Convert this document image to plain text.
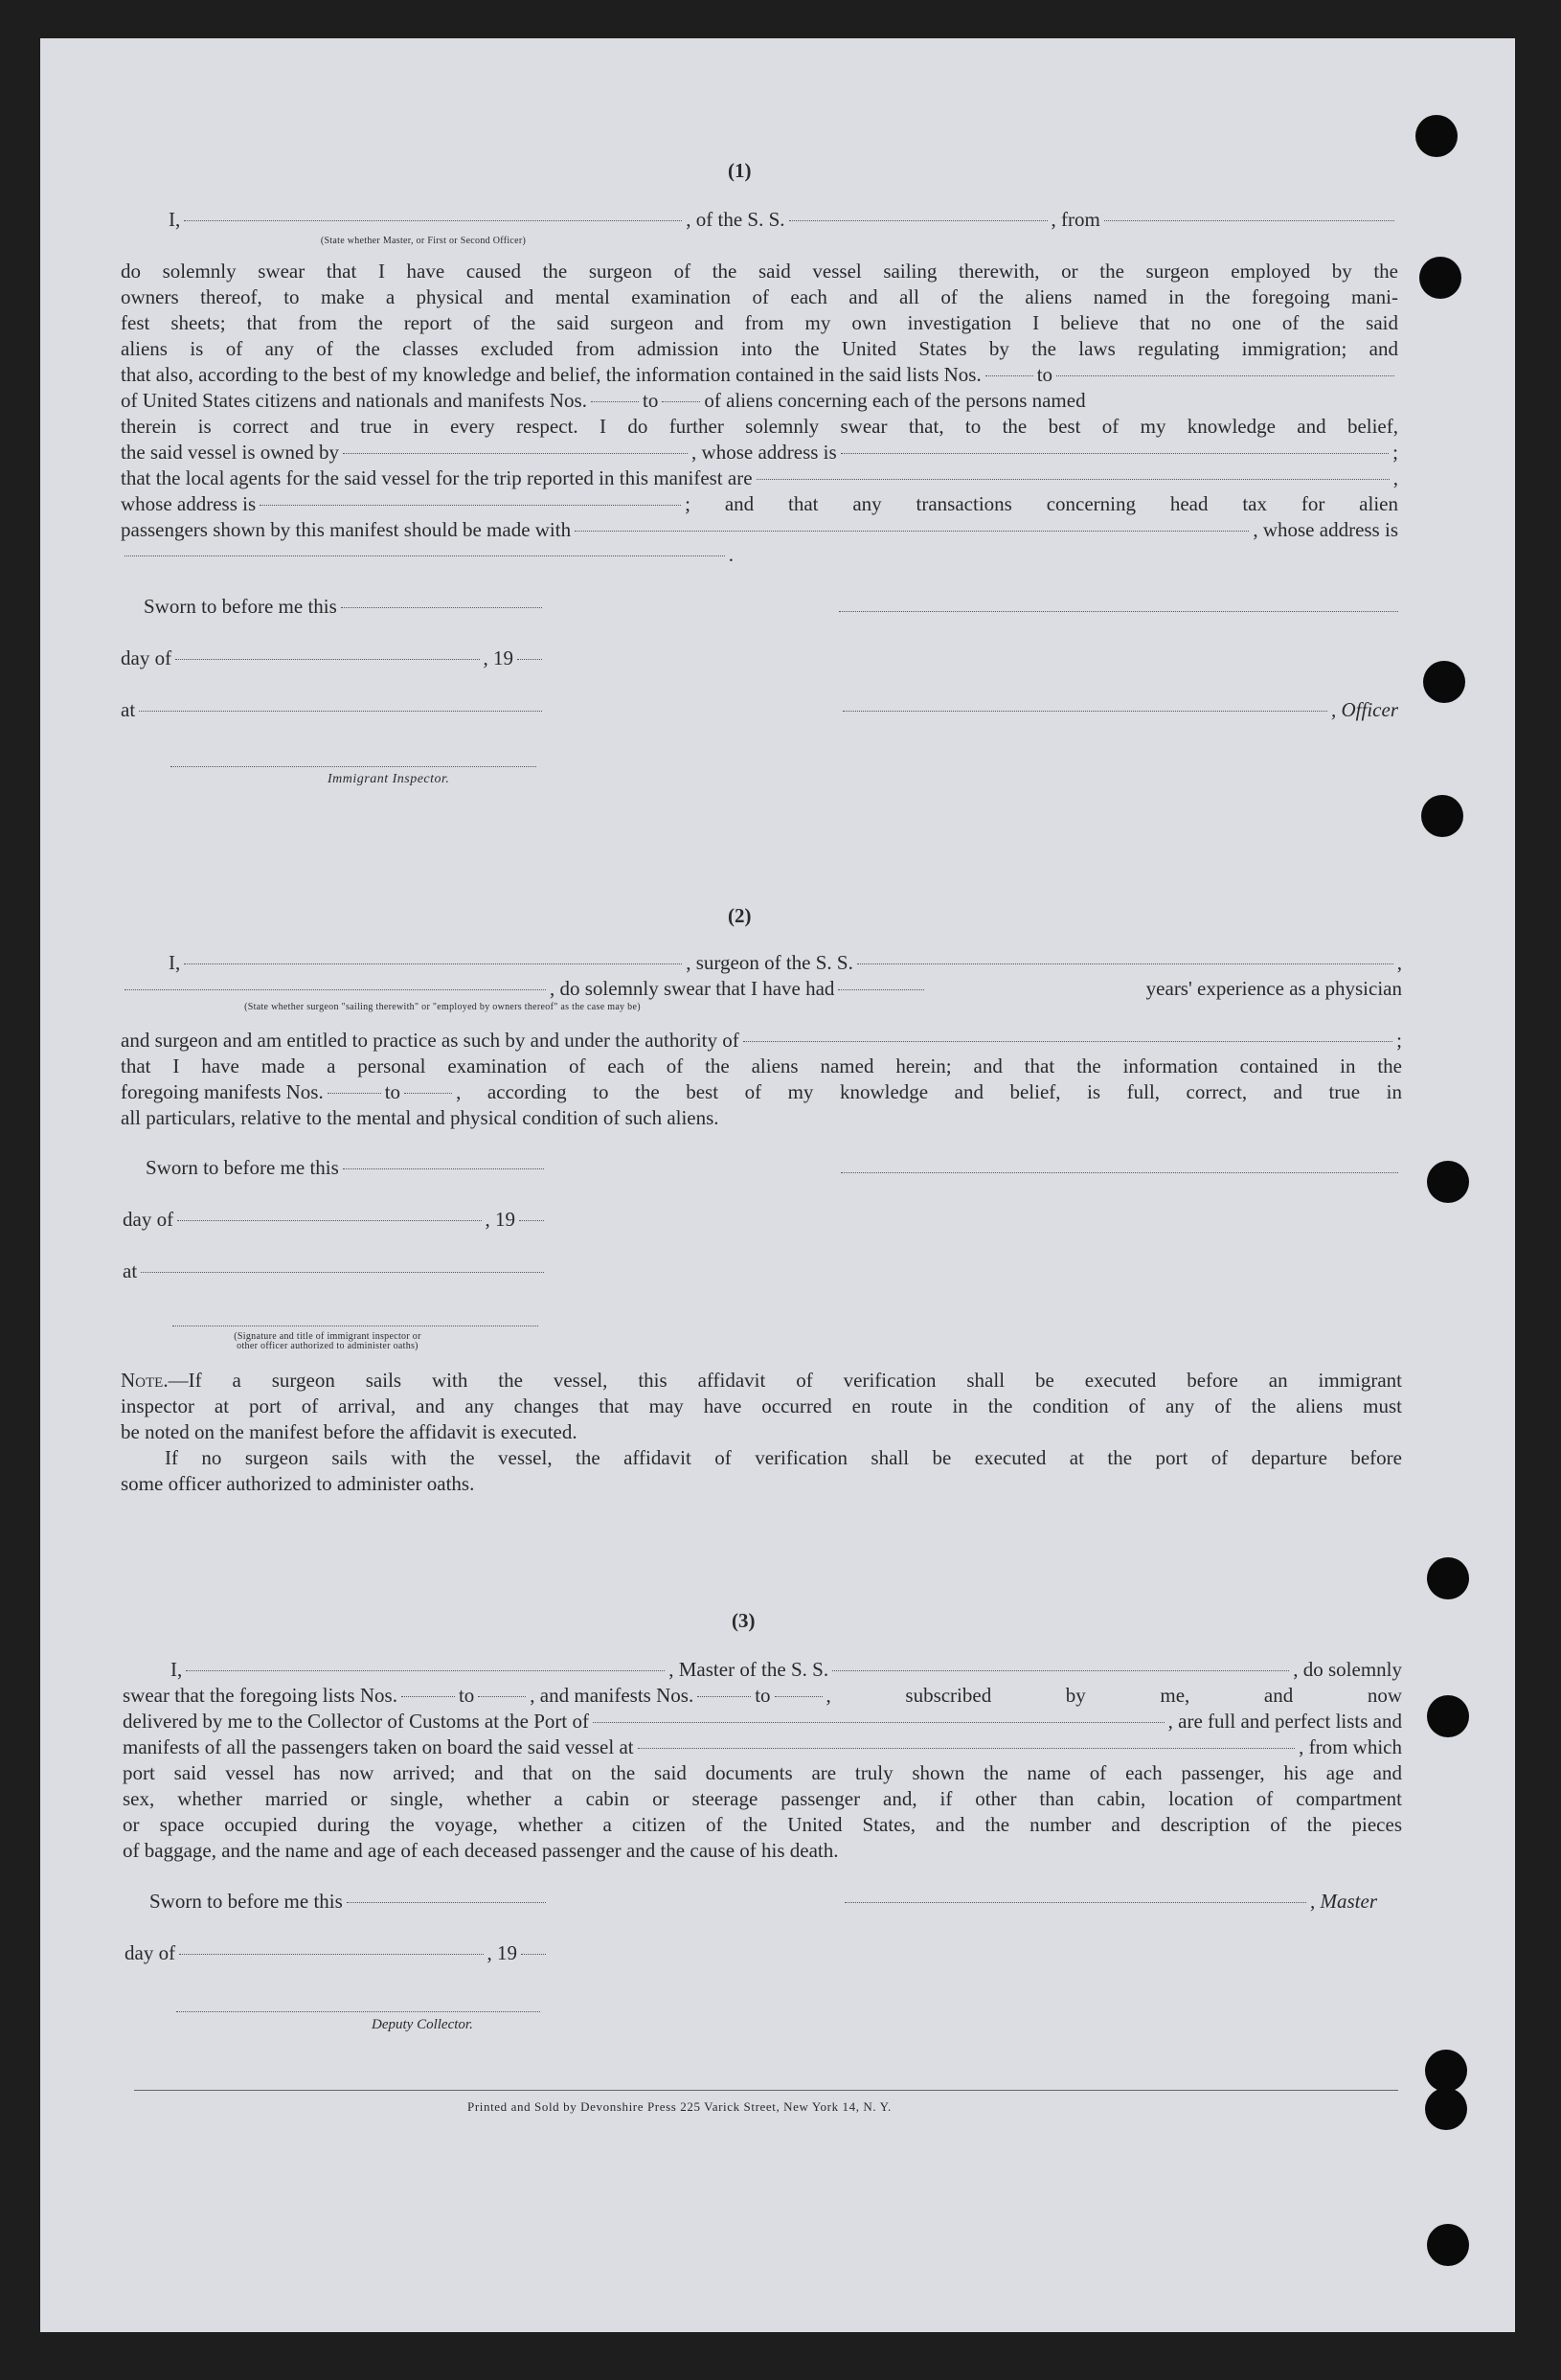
(1)
I,	, of the S. S.	, from
(State whether Master, or First or Second Officer)
do solemnly swear that I have caused the surgeon of the said vessel sailing therewith, or the surgeon employed by the
owners thereof, to make a physical and mental examination of each and all of the aliens named in the foregoing mani-
fest sheets; that from the report of the said surgeon and from my own investigation I believe that no one of the said
aliens is of any of the classes excluded from admission into the United States by the laws regulating immigration; and
that also, according to the best of my knowledge and belief, the information contained in the said lists Nos.	to
of United States citizens and nationals and manifests Nos.	to of aliens concerning each of the persons named
therein is correct and true in every respect. I do further solemnly swear that, to the best of my knowledge and belief,
the said vessel is owned by	, whose address is	;
that the local agents for the said vessel for the trip reported in this manifest are	,
whose address is	; and that any transactions concerning head tax for alien
passengers shown by this manifest should be made with	, whose address is
.
Sworn to before me this
day of	, 19
at	, Officer
Immigrant Inspector.
(2)
I,	, surgeon of the S. S.	,
, do solemnly swear that I have had	years' experience as a physician
(State whether surgeon "sailing therewith" or "employed by owners thereof" as the case may be)
and surgeon and am entitled to practice as such by and under the authority of	;
that I have made a personal examination of each of the aliens named herein; and that the information contained in the
foregoing manifests Nos.	to	, according to the best of my knowledge and belief, is full, correct, and true in
all particulars, relative to the mental and physical condition of such aliens.
Sworn to before me this
day of	, 19
at
(Signature and title of immigrant inspector or
other officer authorized to administer oaths)
Note. —If a surgeon sails with the vessel, this affidavit of verification shall be executed before an immigrant
inspector at port of arrival, and any changes that may have occurred en route in the condition of any of the aliens must
be noted on the manifest before the affidavit is executed.
If no surgeon sails with the vessel, the affidavit of verification shall be executed at the port of departure before
some officer authorized to administer oaths.
(3)
I,	, Master of the S. S.	, do solemnly
swear that the foregoing lists Nos.	to	, and manifests Nos.	to	, subscribed by me, and now
delivered by me to the Collector of Customs at the Port of	, are full and perfect lists and
manifests of all the passengers taken on board the said vessel at	, from which
port said vessel has now arrived; and that on the said documents are truly shown the name of each passenger, his age and
sex, whether married or single, whether a cabin or steerage passenger and, if other than cabin, location of compartment
or space occupied during the voyage, whether a citizen of the United States, and the number and description of the pieces
of baggage, and the name and age of each deceased passenger and the cause of his death.
Sworn to before me this	, Master
day of	, 19
Deputy Collector.
Printed and Sold by Devonshire Press 225 Varick Street, New York 14, N. Y.
